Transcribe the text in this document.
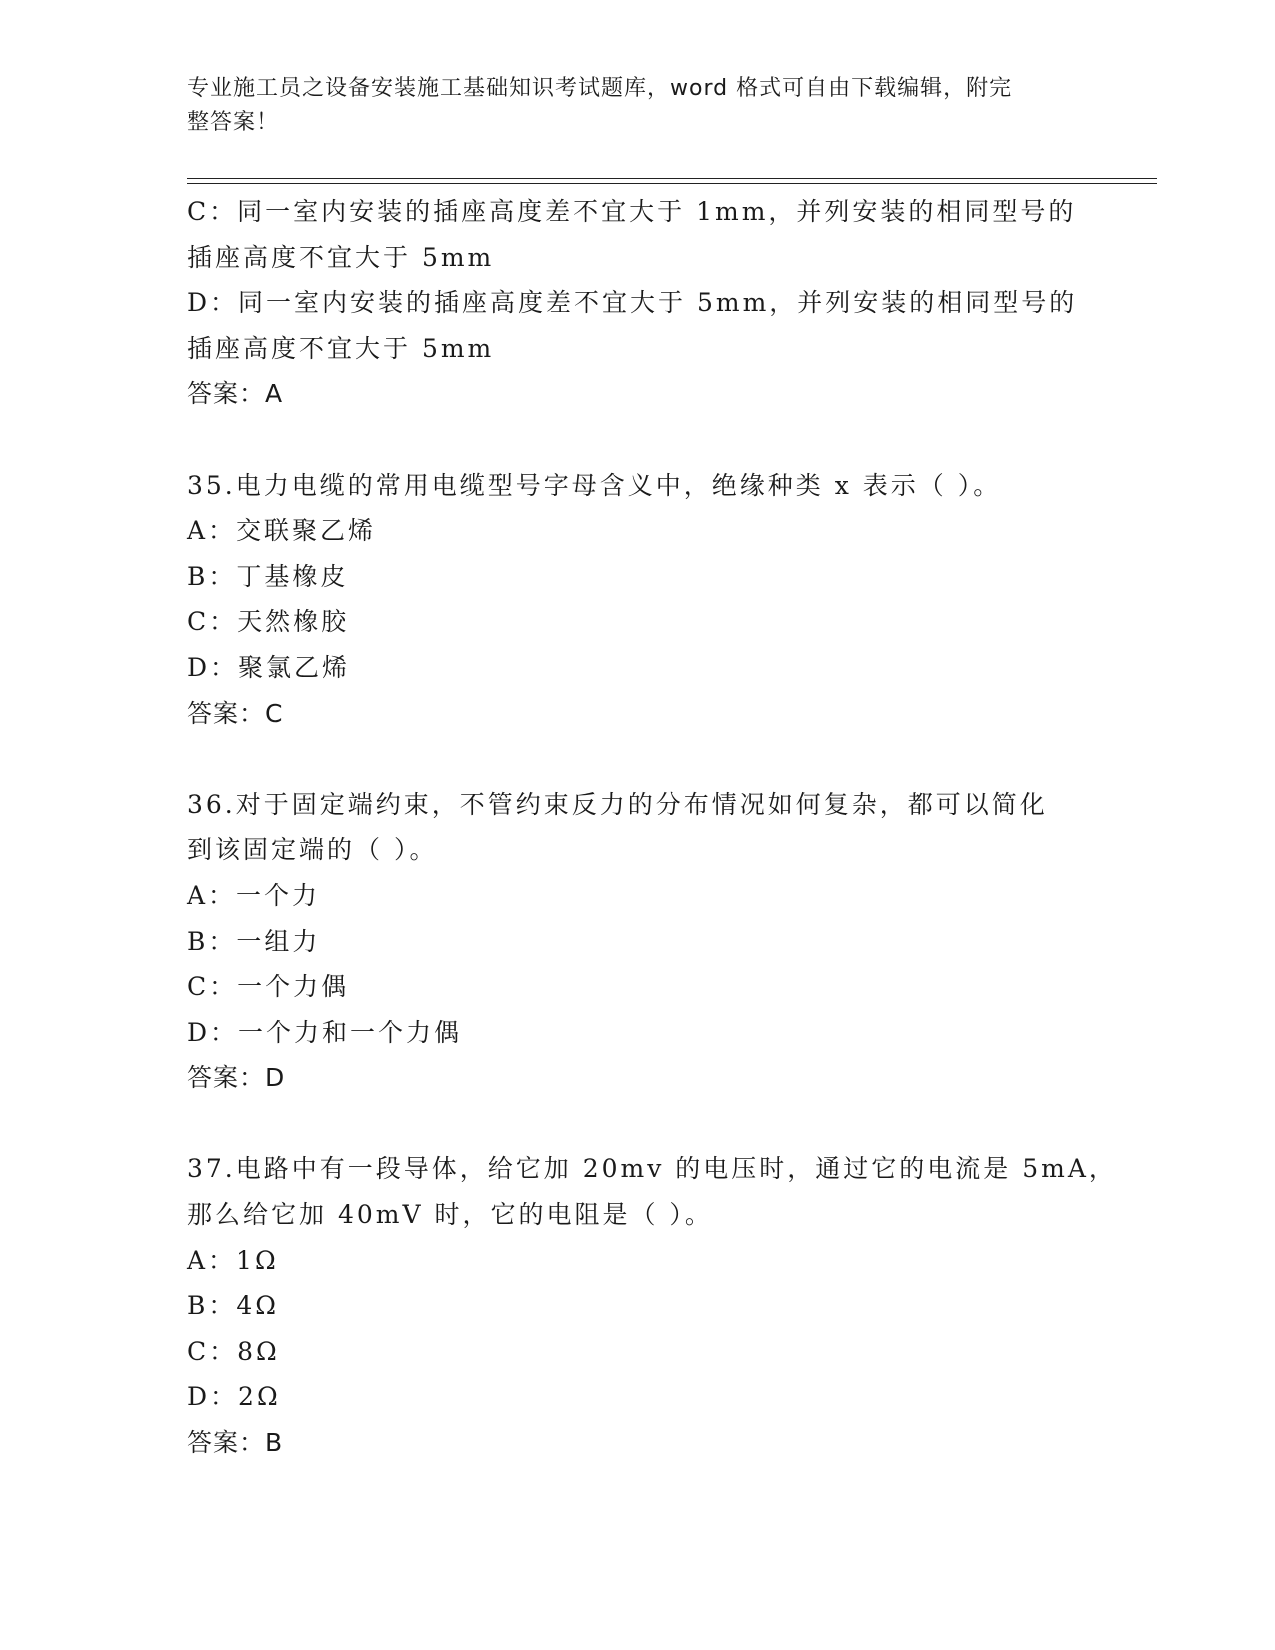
专业施工员之设备安装施工基础知识考试题库，word 格式可自由下载编辑，附完
整答案！
C：同一室内安装的插座高度差不宜大于 1mm，并列安装的相同型号的
插座高度不宜大于 5mm
D：同一室内安装的插座高度差不宜大于 5mm，并列安装的相同型号的
插座高度不宜大于 5mm
答案：A
35.电力电缆的常用电缆型号字母含义中，绝缘种类 x 表示（ ）。
A：交联聚乙烯
B：丁基橡皮
C：天然橡胶
D：聚氯乙烯
答案：C
36.对于固定端约束，不管约束反力的分布情况如何复杂，都可以简化
到该固定端的（ ）。
A：一个力
B：一组力
C：一个力偶
D：一个力和一个力偶
答案：D
37.电路中有一段导体，给它加 20mv 的电压时，通过它的电流是 5mA，
那么给它加 40mV 时，它的电阻是（ ）。
A：1Ω
B：4Ω
C：8Ω
D：2Ω
答案：B
